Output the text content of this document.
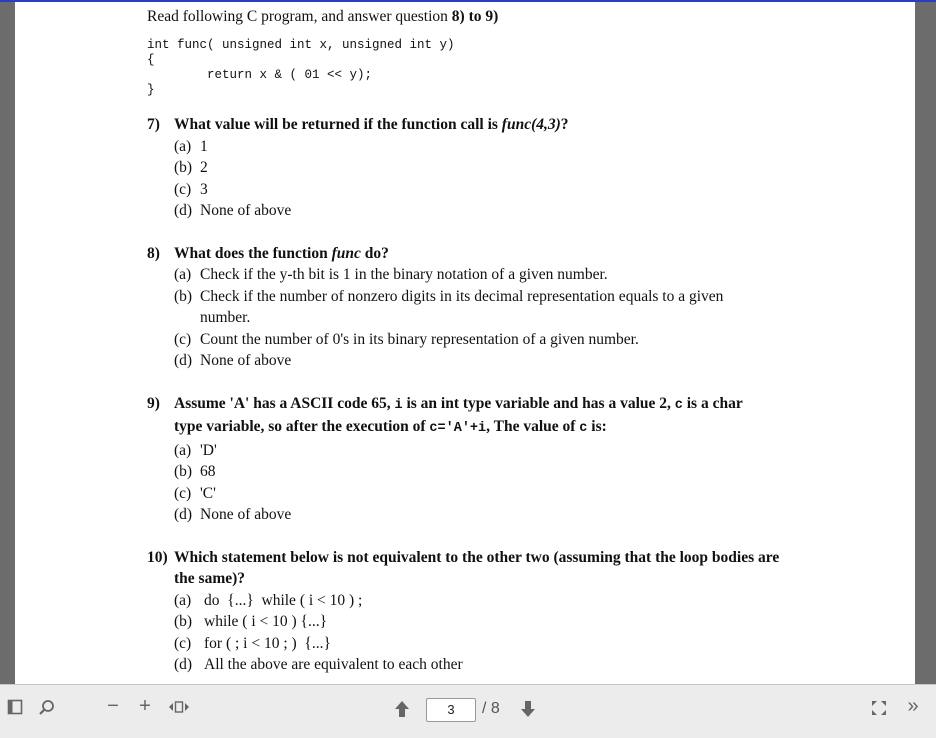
Read following C program, and answer question 8) to 9)

int func( unsigned int x, unsigned int y)
{
return x & ( 01 << y);
}
7) What value will be returned if the function call is func(4,3)?
(a) 1
(b) 2
(c) 3
(d) None of above
8) What does the function func do?
(a) Check if the y-th bit is 1 in the binary notation of a given number.
(b) Check if the number of nonzero digits in its decimal representation equals to a given number.
(c) Count the number of 0's in its binary representation of a given number.
(d) None of above
9) Assume 'A' has a ASCII code 65, i is an int type variable and has a value 2, c is a char type variable, so after the execution of c='A'+i, The value of c is:
(a) 'D'
(b) 68
(c) 'C'
(d) None of above
10) Which statement below is not equivalent to the other two (assuming that the loop bodies are the same)?
(a) do  {...}  while ( i < 10 ) ;
(b) while ( i < 10 ) {...}
(c) for ( ; i < 10 ; )  {...}
(d) All the above are equivalent to each other
− +	3	/ 8	»
